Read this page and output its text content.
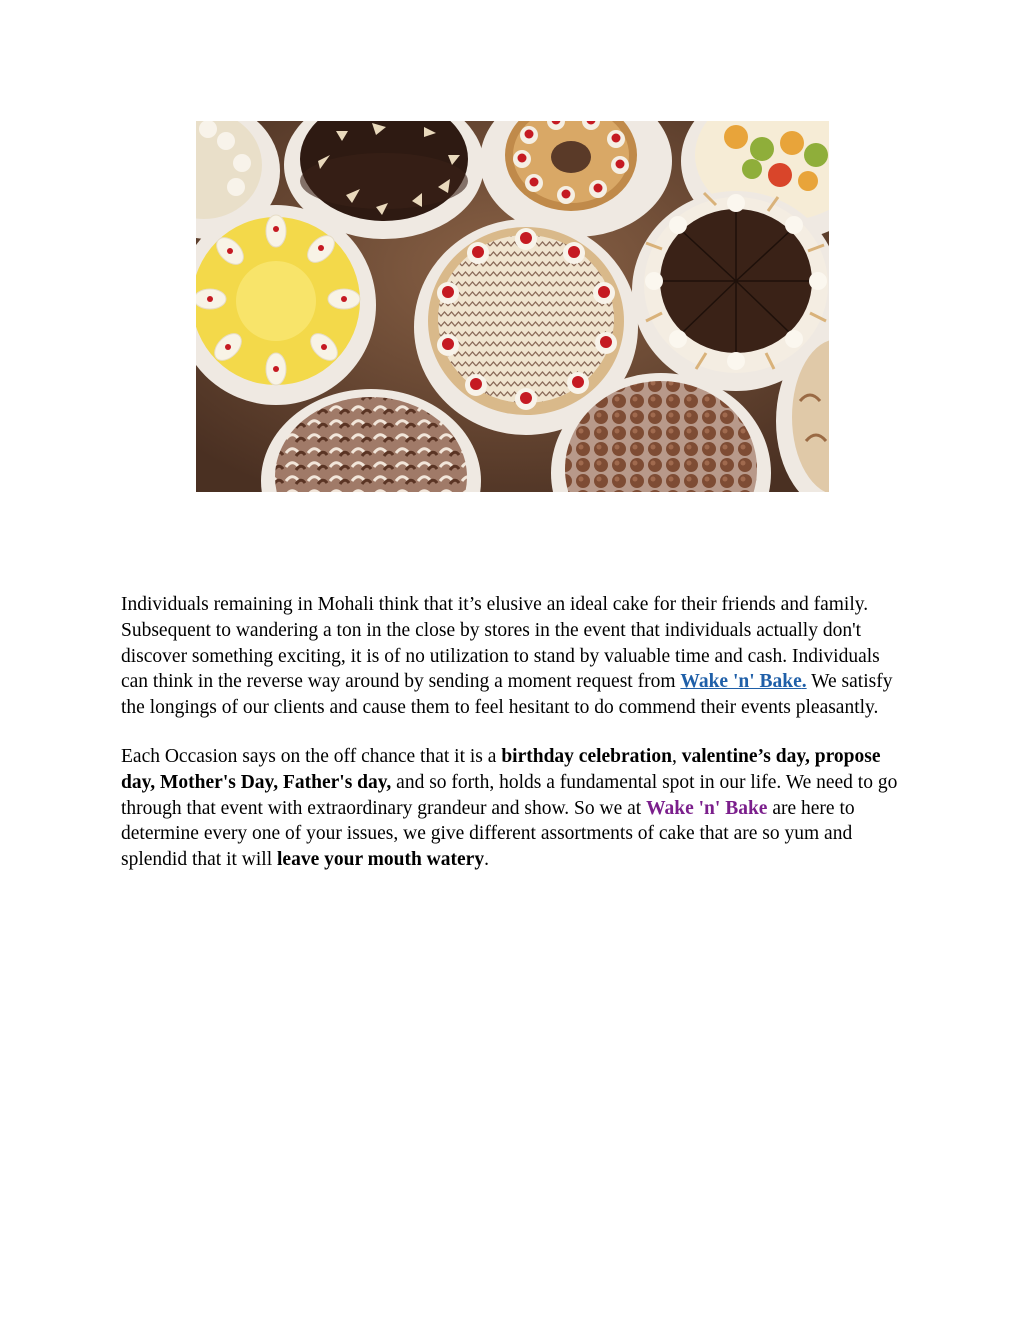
Individuals remaining in Mohali think that it’s elusive an ideal cake for their friends and family. Subsequent to wandering a ton in the close by stores in the event that individuals actually don't discover something exciting, it is of no utilization to stand by valuable time and cash. Individuals can think in the reverse way around by sending a moment request from Wake 'n' Bake. We satisfy the longings of our clients and cause them to feel hesitant to do commend their events pleasantly.

Each Occasion says on the off chance that it is a birthday celebration, valentine’s day, propose day, Mother's Day, Father's day, and so forth, holds a fundamental spot in our life. We need to go through that event with extraordinary grandeur and show. So we at Wake 'n' Bake are here to determine every one of your issues, we give different assortments of cake that are so yum and splendid that it will leave your mouth watery.
